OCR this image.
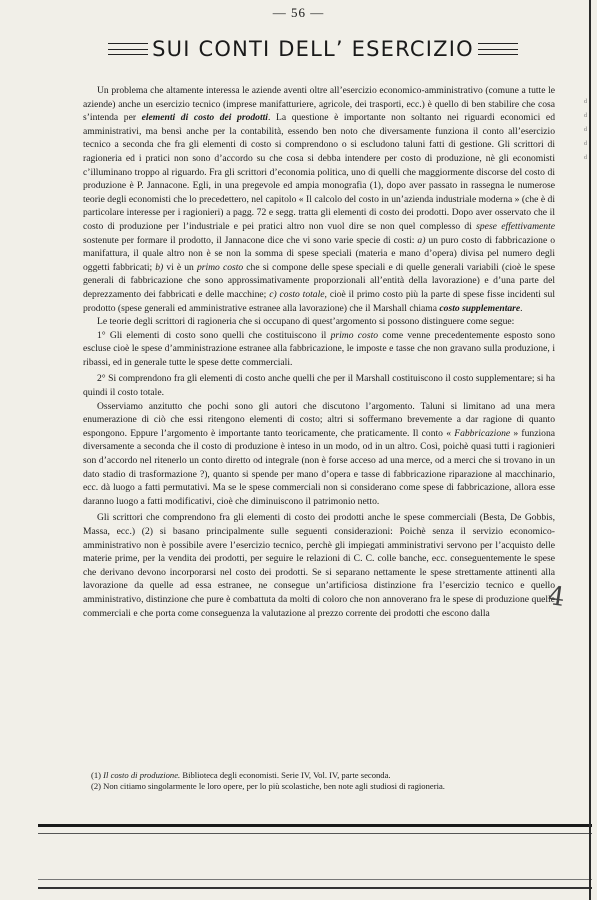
— 56 —
SUI CONTI DELL’ ESERCIZIO

Un problema che altamente interessa le aziende aventi oltre all’esercizio economico-amministrativo (comune a tutte le aziende) anche un esercizio tecnico (imprese manifatturiere, agricole, dei trasporti, ecc.) è quello di ben stabilire che cosa s’intenda per elementi di costo dei prodotti. La questione è importante non soltanto nei riguardi economici ed amministrativi, ma bensì anche per la contabilità, essendo ben noto che diversamente funziona il conto all’esercizio tecnico a seconda che fra gli elementi di costo si comprendono o si escludono taluni fatti di gestione. Gli scrittori di ragioneria ed i pratici non sono d’accordo su che cosa si debba intendere per costo di produzione, nè gli economisti c’illuminano troppo al riguardo. Fra gli scrittori d’economia politica, uno di quelli che maggiormente discorse del costo di produzione è P. Jannacone. Egli, in una pregevole ed ampia monografia (1), dopo aver passato in rassegna le numerose teorie degli economisti che lo precedettero, nel capitolo « Il calcolo del costo in un’azienda industriale moderna » (che è di particolare interesse per i ragionieri) a pagg. 72 e segg. tratta gli elementi di costo dei prodotti. Dopo aver osservato che il costo di produzione per l’industriale e pei pratici altro non vuol dire se non quel complesso di spese effettivamente sostenute per formare il prodotto, il Jannacone dice che vi sono varie specie di costi: a) un puro costo di fabbricazione o manifattura, il quale altro non è se non la somma di spese speciali (materia e mano d’opera) divisa pel numero degli oggetti fabbricati; b) vi è un primo costo che si compone delle spese speciali e di quelle generali variabili (cioè le spese generali di fabbricazione che sono approssimativamente proporzionali all’entità della lavorazione) e d’una parte del deprezzamento dei fabbricati e delle macchine; c) costo totale, cioè il primo costo più la parte di spese fisse incidenti sul prodotto (spese generali ed amministrative estranee alla lavorazione) che il Marshall chiama costo supplementare.

Le teorie degli scrittori di ragioneria che si occupano di quest’argomento si possono distinguere come segue:

1° Gli elementi di costo sono quelli che costituiscono il primo costo come venne precedentemente esposto sono escluse cioè le spese d’amministrazione estranee alla fabbricazione, le imposte e tasse che non gravano sulla produzione, i ribassi, ed in generale tutte le spese dette commerciali.

2° Si comprendono fra gli elementi di costo anche quelli che per il Marshall costituiscono il costo supplementare; si ha quindi il costo totale.

Osserviamo anzitutto che pochi sono gli autori che discutono l’argomento. Taluni si limitano ad una mera enumerazione di ciò che essi ritengono elementi di costo; altri si soffermano brevemente a dar ragione di quanto espongono. Eppure l’argomento è importante tanto teoricamente, che praticamente. Il conto « Fabbricazione » funziona diversamente a seconda che il costo di produzione è inteso in un modo, od in un altro. Così, poichè quasi tutti i ragionieri son d’accordo nel ritenerlo un conto diretto od integrale (non è forse acceso ad una merce, od a merci che si trovano in un dato stadio di trasformazione ?), quanto si spende per mano d’opera e tasse di fabbricazione riparazione al macchinario, ecc. dà luogo a fatti permutativi. Ma se le spese commerciali non si considerano come spese di fabbricazione, allora esse daranno luogo a fatti modificativi, cioè che diminuiscono il patrimonio netto.

Gli scrittori che comprendono fra gli elementi di costo dei prodotti anche le spese commerciali (Besta, De Gobbis, Massa, ecc.) (2) si basano principalmente sulle seguenti considerazioni: Poichè senza il servizio economico-amministrativo non è possibile avere l’esercizio tecnico, perchè gli impiegati amministrativi servono per l’acquisto delle materie prime, per la vendita dei prodotti, per seguire le relazioni di C. C. colle banche, ecc. conseguentemente le spese che derivano devono incorporarsi nel costo dei prodotti. Se si separano nettamente le spese strettamente attinenti alla lavorazione da quelle ad essa estranee, ne consegue un’artificiosa distinzione fra l’esercizio tecnico e quello amministrativo, distinzione che pure è combattuta da molti di coloro che non annoverano fra le spese di produzione quelle commerciali e che porta come conseguenza la valutazione al prezzo corrente dei prodotti che escono dalla

(1) Il costo di produzione. Biblioteca degli economisti. Serie IV, Vol. IV, parte seconda.
(2) Non citiamo singolarmente le loro opere, per lo più scolastiche, ben note agli studiosi di ragioneria.
d
d
d
d
d
4
